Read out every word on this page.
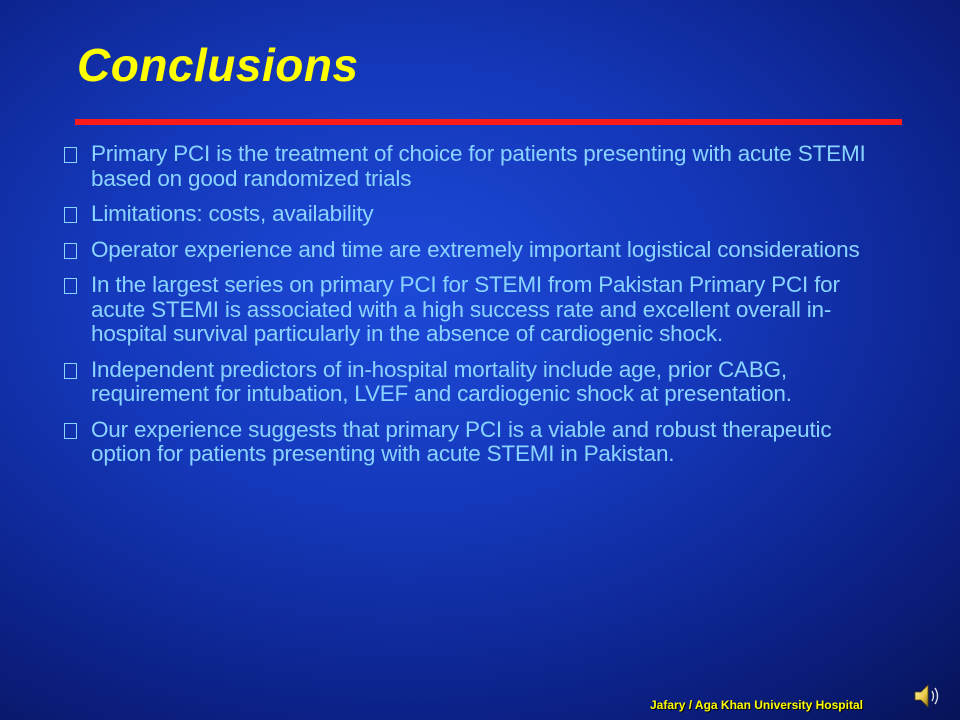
Conclusions
Primary PCI is the treatment of choice for patients presenting with acute STEMI based on good randomized trials
Limitations: costs, availability
Operator experience and time are extremely important logistical considerations
In the largest series on primary PCI for STEMI from Pakistan Primary PCI for acute STEMI is associated with a high success rate and excellent overall in-hospital survival particularly in the absence of cardiogenic shock.
Independent predictors of in-hospital mortality include age, prior CABG, requirement for intubation, LVEF and cardiogenic shock at presentation.
Our experience suggests that primary PCI is a viable and robust therapeutic option for patients presenting with acute STEMI in Pakistan.
Jafary / Aga Khan University Hospital
